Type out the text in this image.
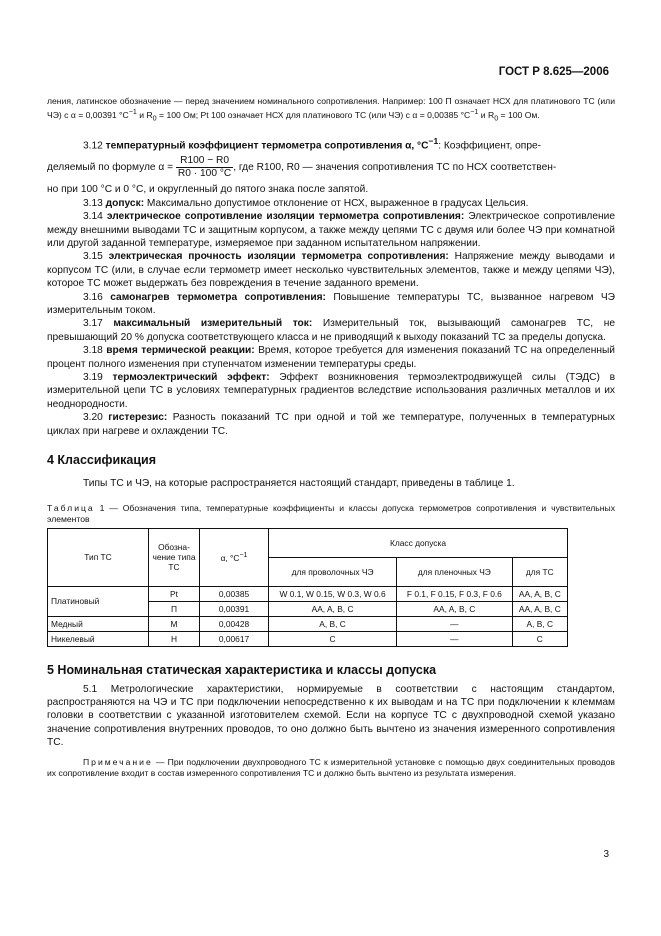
ГОСТ Р 8.625—2006

ления, латинское обозначение — перед значением номинального сопротивления. Например: 100 П означает НСХ для платинового ТС (или ЧЭ) с α = 0,00391 $^\circ С^{-1}$ и $R_0 = 100$ Ом; Pt 100 означает НСХ для платинового ТС (или ЧЭ) с α = 0,00385 $^\circ С^{-1}$ и $R_0 = 100$ Ом.

3.12 температурный коэффициент термометра сопротивления α, $^\circ С^{-1}$: Коэффициент, опре-

деляемый по формуле $\alpha = \frac{R100 - R0}{R0 \cdot 100 ^\circ С}$ , где R100, R0 — значения сопротивления ТС по НСХ соответствен-

но при 100 °С и 0 °С, и округленный до пятого знака после запятой.

3.13 допуск: Максимально допустимое отклонение от НСХ, выраженное в градусах Цельсия.

3.14 электрическое сопротивление изоляции термометра сопротивления: Электрическое сопротивление между внешними выводами ТС и защитным корпусом, а также между цепями ТС с двумя или более ЧЭ при комнатной или другой заданной температуре, измеряемое при заданном испытательном напряжении.

3.15 электрическая прочность изоляции термометра сопротивления: Напряжение между выводами и корпусом ТС (или, в случае если термометр имеет несколько чувствительных элементов, также и между цепями ЧЭ), которое ТС может выдержать без повреждения в течение заданного времени.

3.16 самонагрев термометра сопротивления: Повышение температуры ТС, вызванное нагревом ЧЭ измерительным током.

3.17 максимальный измерительный ток: Измерительный ток, вызывающий самонагрев ТС, не превышающий 20 % допуска соответствующего класса и не приводящий к выходу показаний ТС за пределы допуска.

3.18 время термической реакции: Время, которое требуется для изменения показаний ТС на определенный процент полного изменения при ступенчатом изменении температуры среды.

3.19 термоэлектрический эффект: Эффект возникновения термоэлектродвижущей силы (ТЭДС) в измерительной цепи ТС в условиях температурных градиентов вследствие использования различных металлов и их неоднородности.

3.20 гистерезис: Разность показаний ТС при одной и той же температуре, полученных в температурных циклах при нагреве и охлаждении ТС.

4 Классификация

Типы ТС и ЧЭ, на которые распространяется настоящий стандарт, приведены в таблице 1.

Таблица 1 — Обозначения типа, температурные коэффициенты и классы допуска термометров сопротивления и чувствительных элементов

Тип ТС	Обозна-чение типа ТС	α, $^\circ С^{-1}$	Класс допуска		
			для проволочных ЧЭ	для пленочных ЧЭ	для ТС
Платиновый	Pt	0,00385	W 0.1, W 0.15, W 0.3, W 0.6	F 0.1, F 0.15, F 0.3, F 0.6	AA, A, B, C
	П	0,00391	AA, A, B, C	AA, A, B, C	AA, A, B, C
Медный	М	0,00428	A, B, C	—	A, B, C
Никелевый	Н	0,00617	C	—	C
5 Номинальная статическая характеристика и классы допуска

5.1 Метрологические характеристики, нормируемые в соответствии с настоящим стандартом, распространяются на ЧЭ и ТС при подключении непосредственно к их выводам и на ТС при подключении к клеммам головки в соответствии с указанной изготовителем схемой. Если на корпусе ТС с двухпроводной схемой указано значение сопротивления внутренних проводов, то оно должно быть вычтено из значения измеренного сопротивления ТС.

Примечание — При подключении двухпроводного ТС к измерительной установке с помощью двух соединительных проводов их сопротивление входит в состав измеренного сопротивления ТС и должно быть вычтено из результата измерения.

3
